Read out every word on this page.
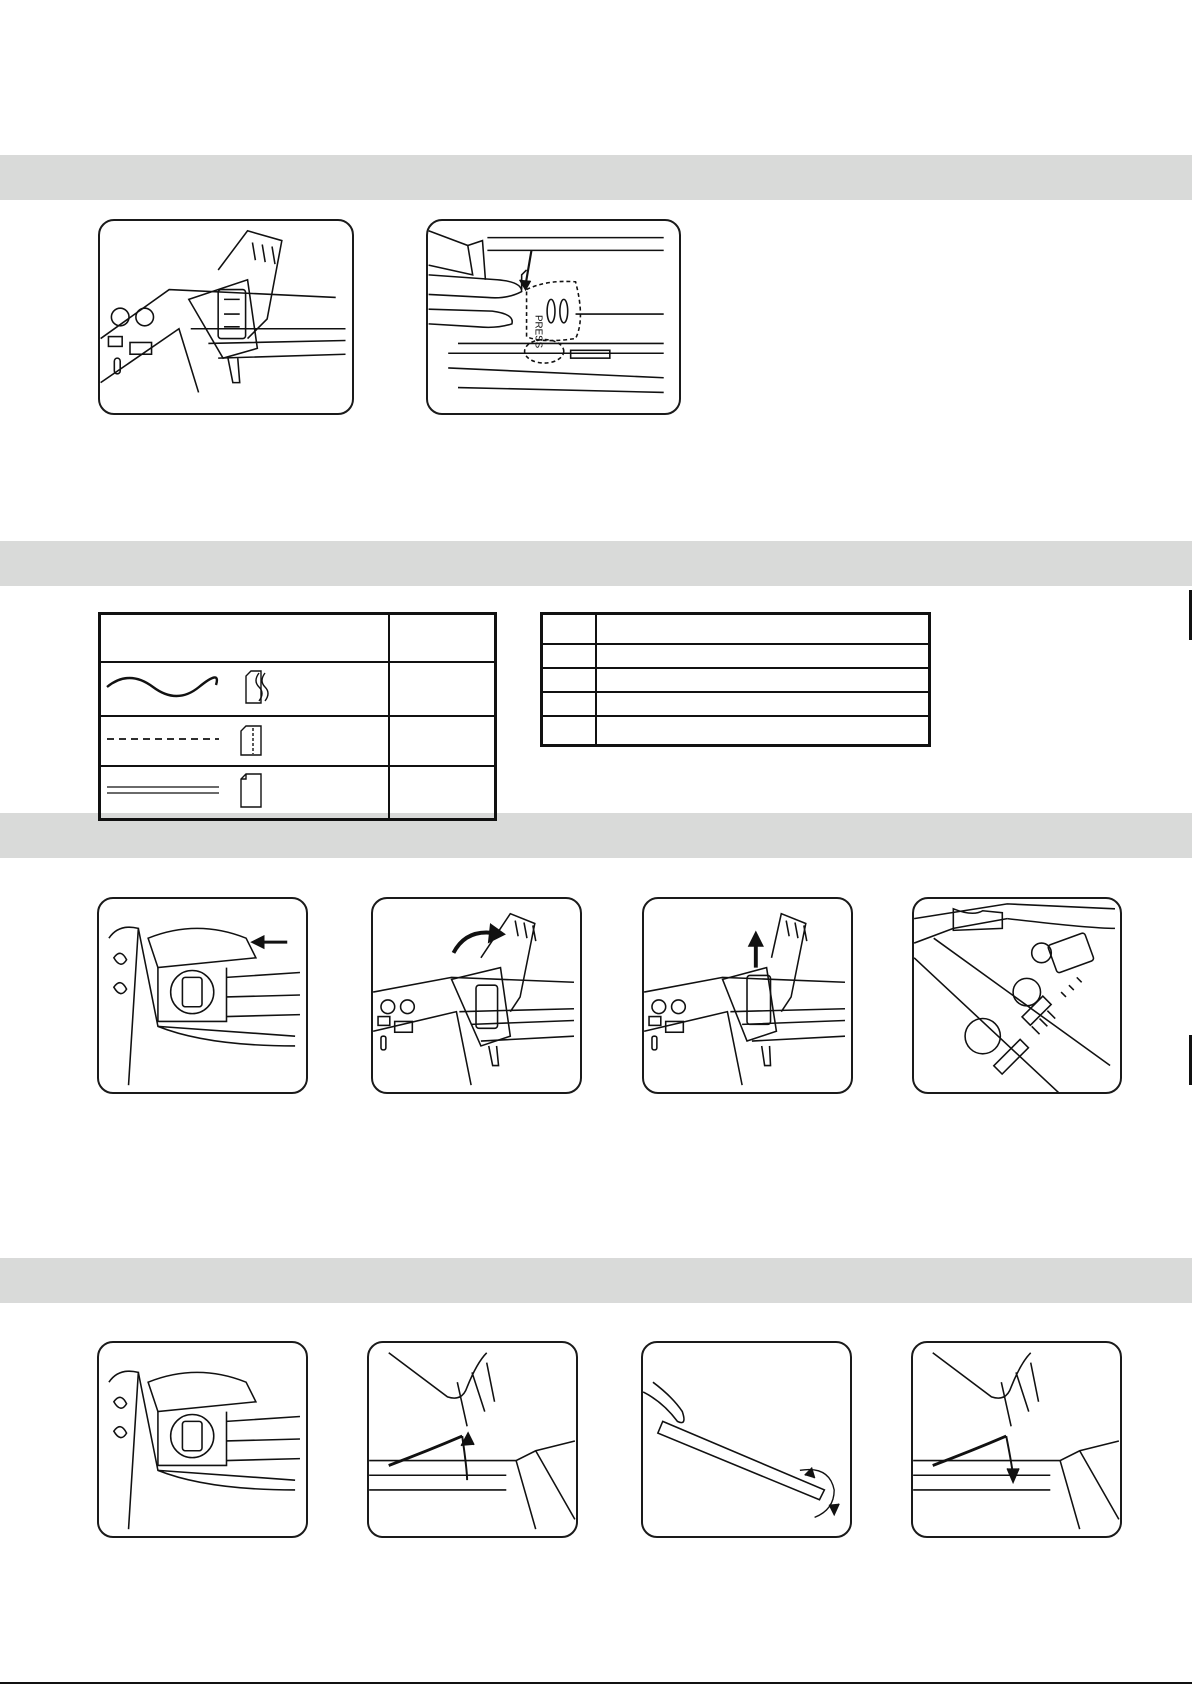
PRESS
